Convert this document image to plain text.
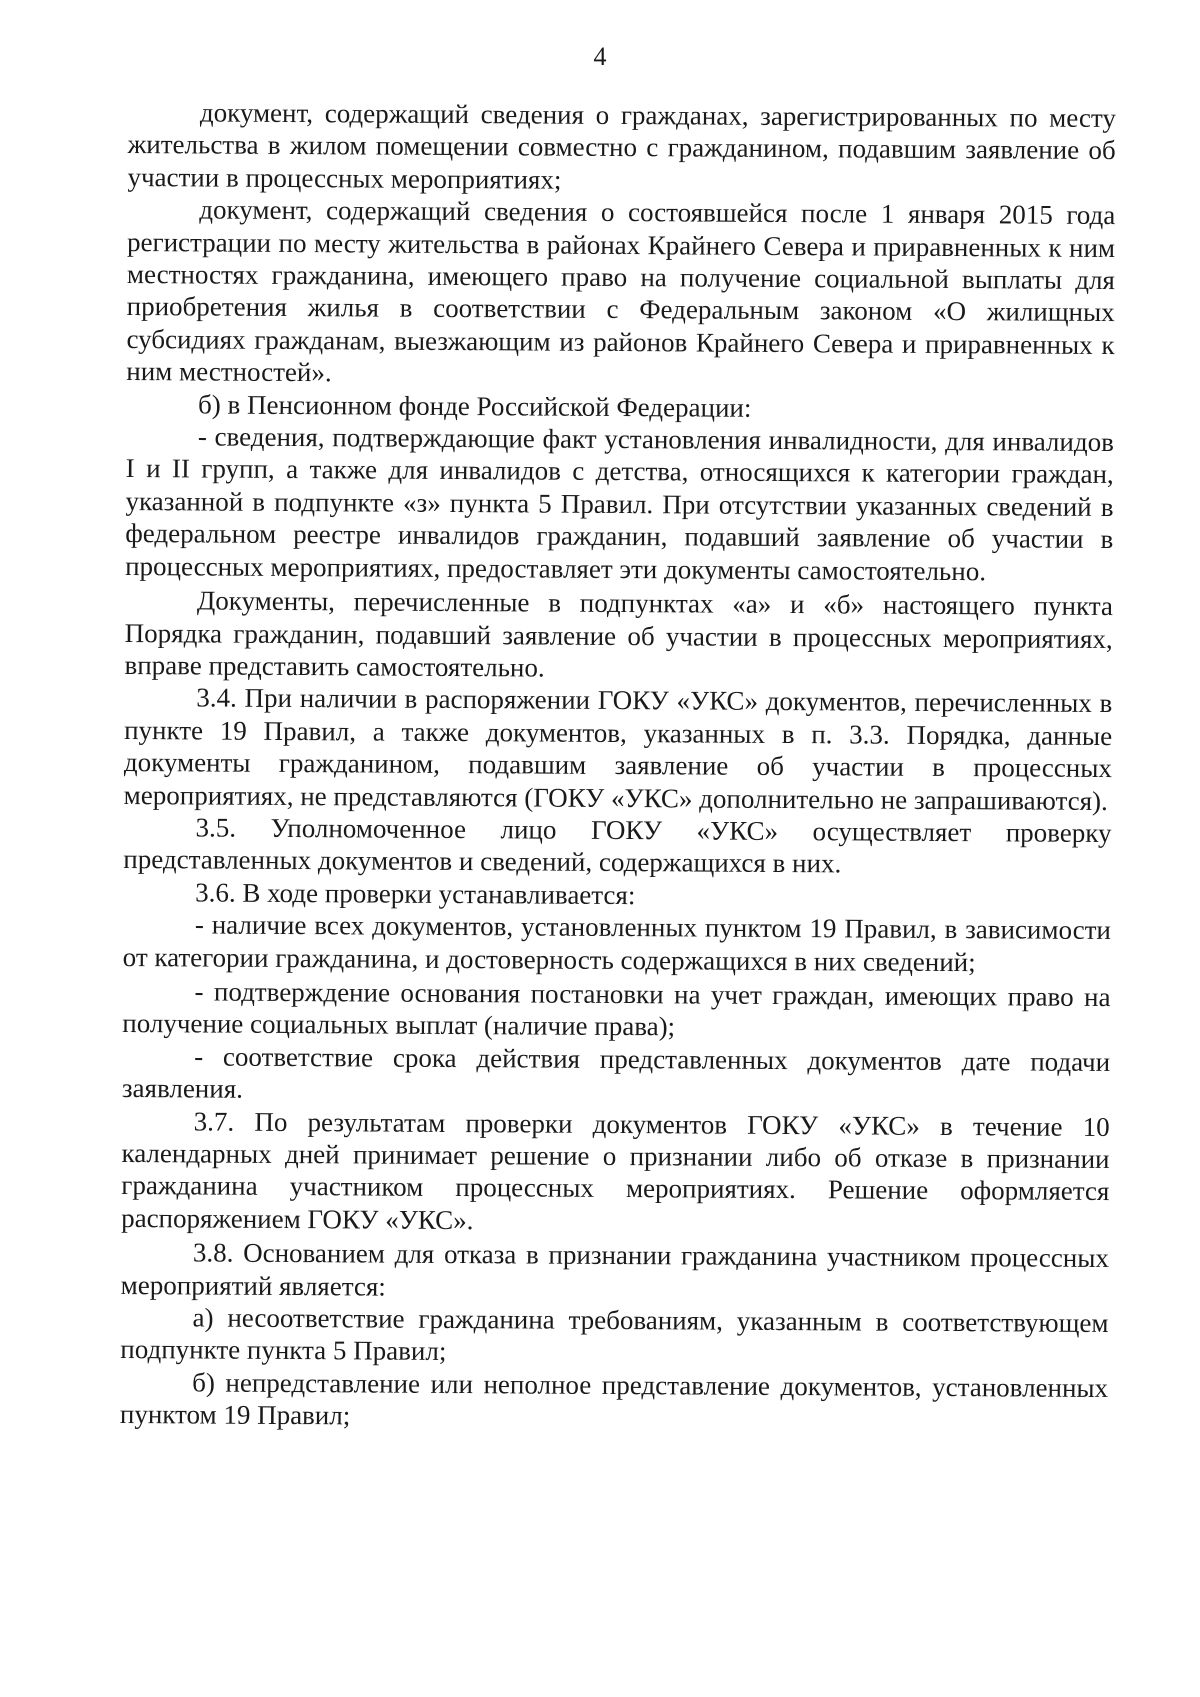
4

документ, содержащий сведения о гражданах, зарегистрированных по месту жительства в жилом помещении совместно с гражданином, подавшим заявление об участии в процессных мероприятиях;

документ, содержащий сведения о состоявшейся после 1 января 2015 года регистрации по месту жительства в районах Крайнего Севера и приравненных к ним местностях гражданина, имеющего право на получение социальной выплаты для приобретения жилья в соответствии с Федеральным законом «О жилищных субсидиях гражданам, выезжающим из районов Крайнего Севера и приравненных к ним местностей».

б) в Пенсионном фонде Российской Федерации:

- сведения, подтверждающие факт установления инвалидности, для инвалидов I и II групп, а также для инвалидов с детства, относящихся к категории граждан, указанной в подпункте «з» пункта 5 Правил. При отсутствии указанных сведений в федеральном реестре инвалидов гражданин, подавший заявление об участии в процессных мероприятиях, предоставляет эти документы самостоятельно.

Документы, перечисленные в подпунктах «а» и «б» настоящего пункта Порядка гражданин, подавший заявление об участии в процессных мероприятиях, вправе представить самостоятельно.

3.4. При наличии в распоряжении ГОКУ «УКС» документов, перечисленных в пункте 19 Правил, а также документов, указанных в п. 3.3. Порядка, данные документы гражданином, подавшим заявление об участии в процессных мероприятиях, не представляются (ГОКУ «УКС» дополнительно не запрашиваются).

3.5. Уполномоченное лицо ГОКУ «УКС» осуществляет проверку представленных документов и сведений, содержащихся в них.

3.6. В ходе проверки устанавливается:

- наличие всех документов, установленных пунктом 19 Правил, в зависимости от категории гражданина, и достоверность содержащихся в них сведений;

- подтверждение основания постановки на учет граждан, имеющих право на получение социальных выплат (наличие права);

- соответствие срока действия представленных документов дате подачи заявления.

3.7. По результатам проверки документов ГОКУ «УКС» в течение 10 календарных дней принимает решение о признании либо об отказе в признании гражданина участником процессных мероприятиях. Решение оформляется распоряжением ГОКУ «УКС».

3.8. Основанием для отказа в признании гражданина участником процессных мероприятий является:

а) несоответствие гражданина требованиям, указанным в соответствующем подпункте пункта 5 Правил;

б) непредставление или неполное представление документов, установленных пунктом 19 Правил;
